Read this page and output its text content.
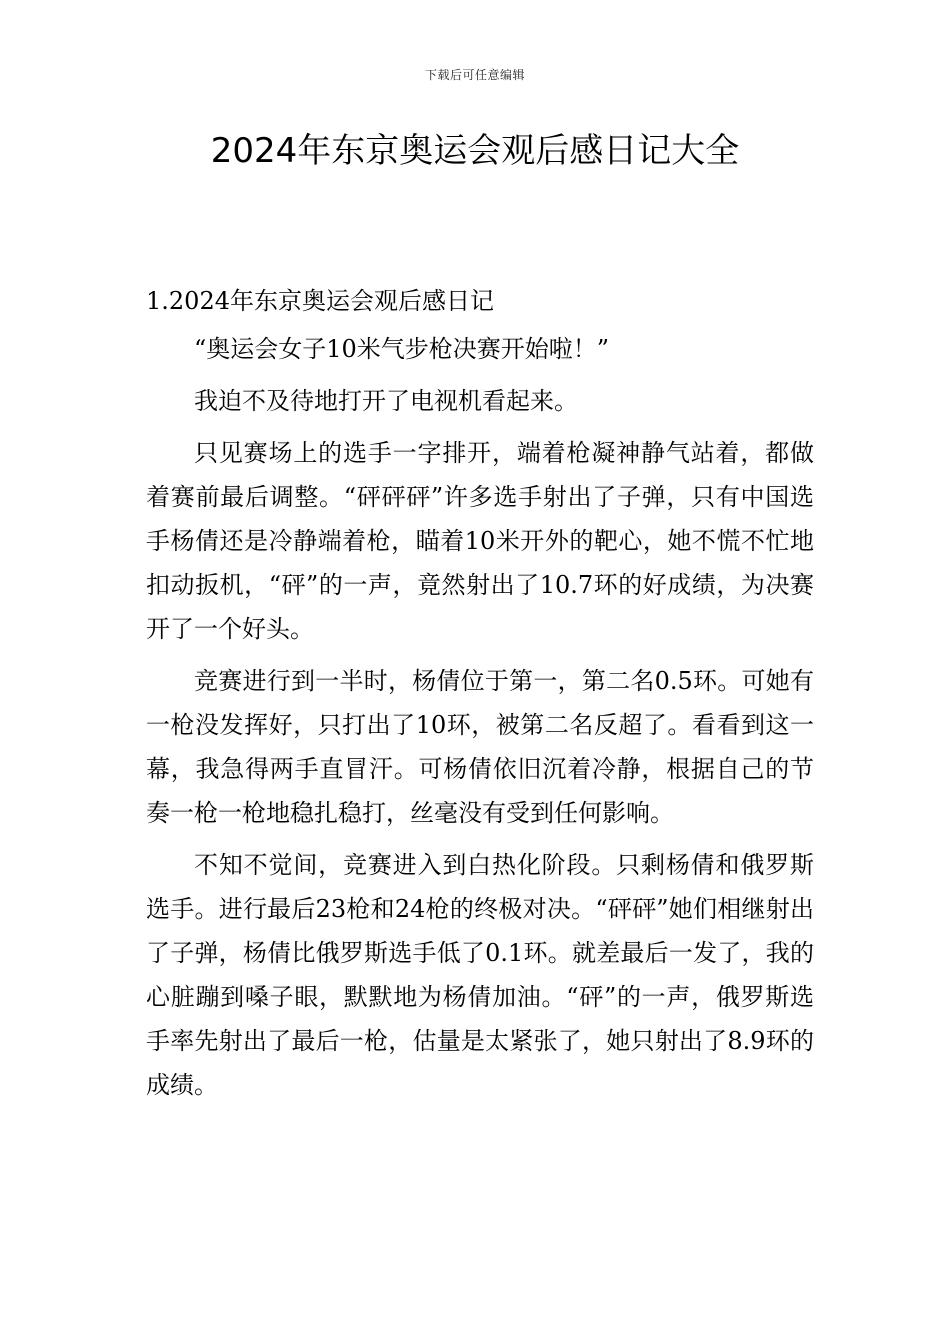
下载后可任意编辑
2024年东京奥运会观后感日记大全

1.2024年东京奥运会观后感日记

“奥运会女子10米气步枪决赛开始啦！”

我迫不及待地打开了电视机看起来。

只见赛场上的选手一字排开，端着枪凝神静气站着，都做着赛前最后调整。“砰砰砰”许多选手射出了子弹，只有中国选手杨倩还是冷静端着枪，瞄着10米开外的靶心，她不慌不忙地扣动扳机，“砰”的一声，竟然射出了10.7环的好成绩，为决赛开了一个好头。

竞赛进行到一半时，杨倩位于第一，第二名0.5环。可她有一枪没发挥好，只打出了10环，被第二名反超了。看看到这一幕，我急得两手直冒汗。可杨倩依旧沉着冷静，根据自己的节奏一枪一枪地稳扎稳打，丝毫没有受到任何影响。

不知不觉间，竞赛进入到白热化阶段。只剩杨倩和俄罗斯选手。进行最后23枪和24枪的终极对决。“砰砰”她们相继射出了子弹，杨倩比俄罗斯选手低了0.1环。就差最后一发了，我的心脏蹦到嗓子眼，默默地为杨倩加油。“砰”的一声，俄罗斯选手率先射出了最后一枪，估量是太紧张了，她只射出了8.9环的成绩。
